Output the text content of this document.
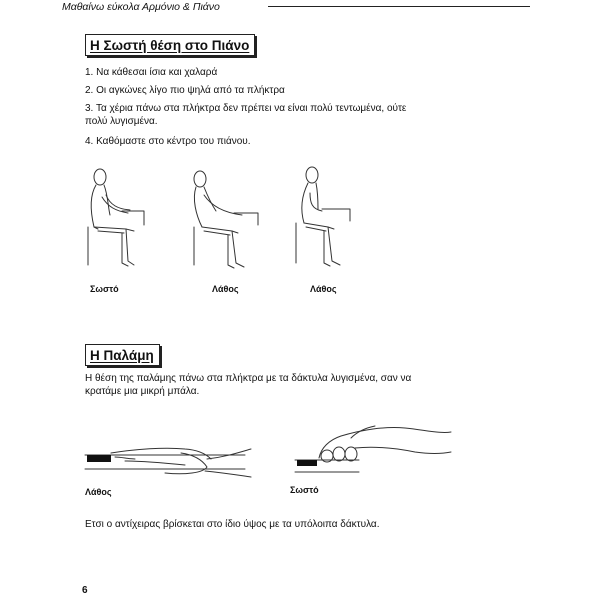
Μαθαίνω εύκολα Αρμόνιο & Πιάνο
Η Σωστή θέση στο Πιάνο
1. Να κάθεσαι ίσια και χαλαρά
2. Οι αγκώνες λίγο πιο ψηλά από τα πλήκτρα
3. Τα χέρια πάνω στα πλήκτρα δεν πρέπει να είναι πολύ τεντωμένα, ούτε
πολύ λυγισμένα.
4. Καθόμαστε στο κέντρο του πιάνου.
Σωστό	Λάθος	Λάθος
Η Παλάμη
Η θέση της παλάμης πάνω στα πλήκτρα με τα δάκτυλα λυγισμένα, σαν να
κρατάμε μια μικρή μπάλα.
Λάθος	Σωστό
Ετσι ο αντίχειρας βρίσκεται στο ίδιο ύψος με τα υπόλοιπα δάκτυλα.
6
